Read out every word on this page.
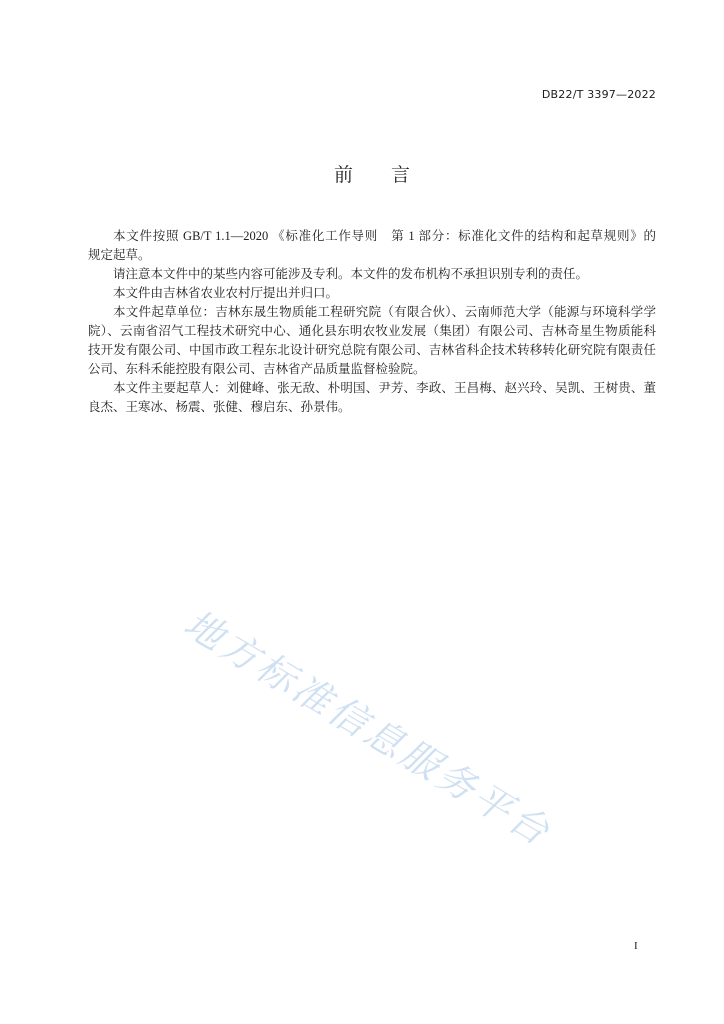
DB22/T 3397—2022
前　　言
本文件按照 GB/T 1.1—2020 《标准化工作导则　第 1 部分：标准化文件的结构和起草规则》的
规定起草。
请注意本文件中的某些内容可能涉及专利。本文件的发布机构不承担识别专利的责任。
本文件由吉林省农业农村厅提出并归口。
本文件起草单位：吉林东晟生物质能工程研究院（有限合伙）、云南师范大学（能源与环境科学学
院）、云南省沼气工程技术研究中心、通化县东明农牧业发展（集团）有限公司、吉林奇星生物质能科
技开发有限公司、中国市政工程东北设计研究总院有限公司、吉林省科企技术转移转化研究院有限责任
公司、东科禾能控股有限公司、吉林省产品质量监督检验院。
本文件主要起草人：刘健峰、张无敌、朴明国、尹芳、李政、王昌梅、赵兴玲、吴凯、王树贵、董
良杰、王寒冰、杨震、张健、穆启东、孙景伟。
地方标准信息服务平台
I
